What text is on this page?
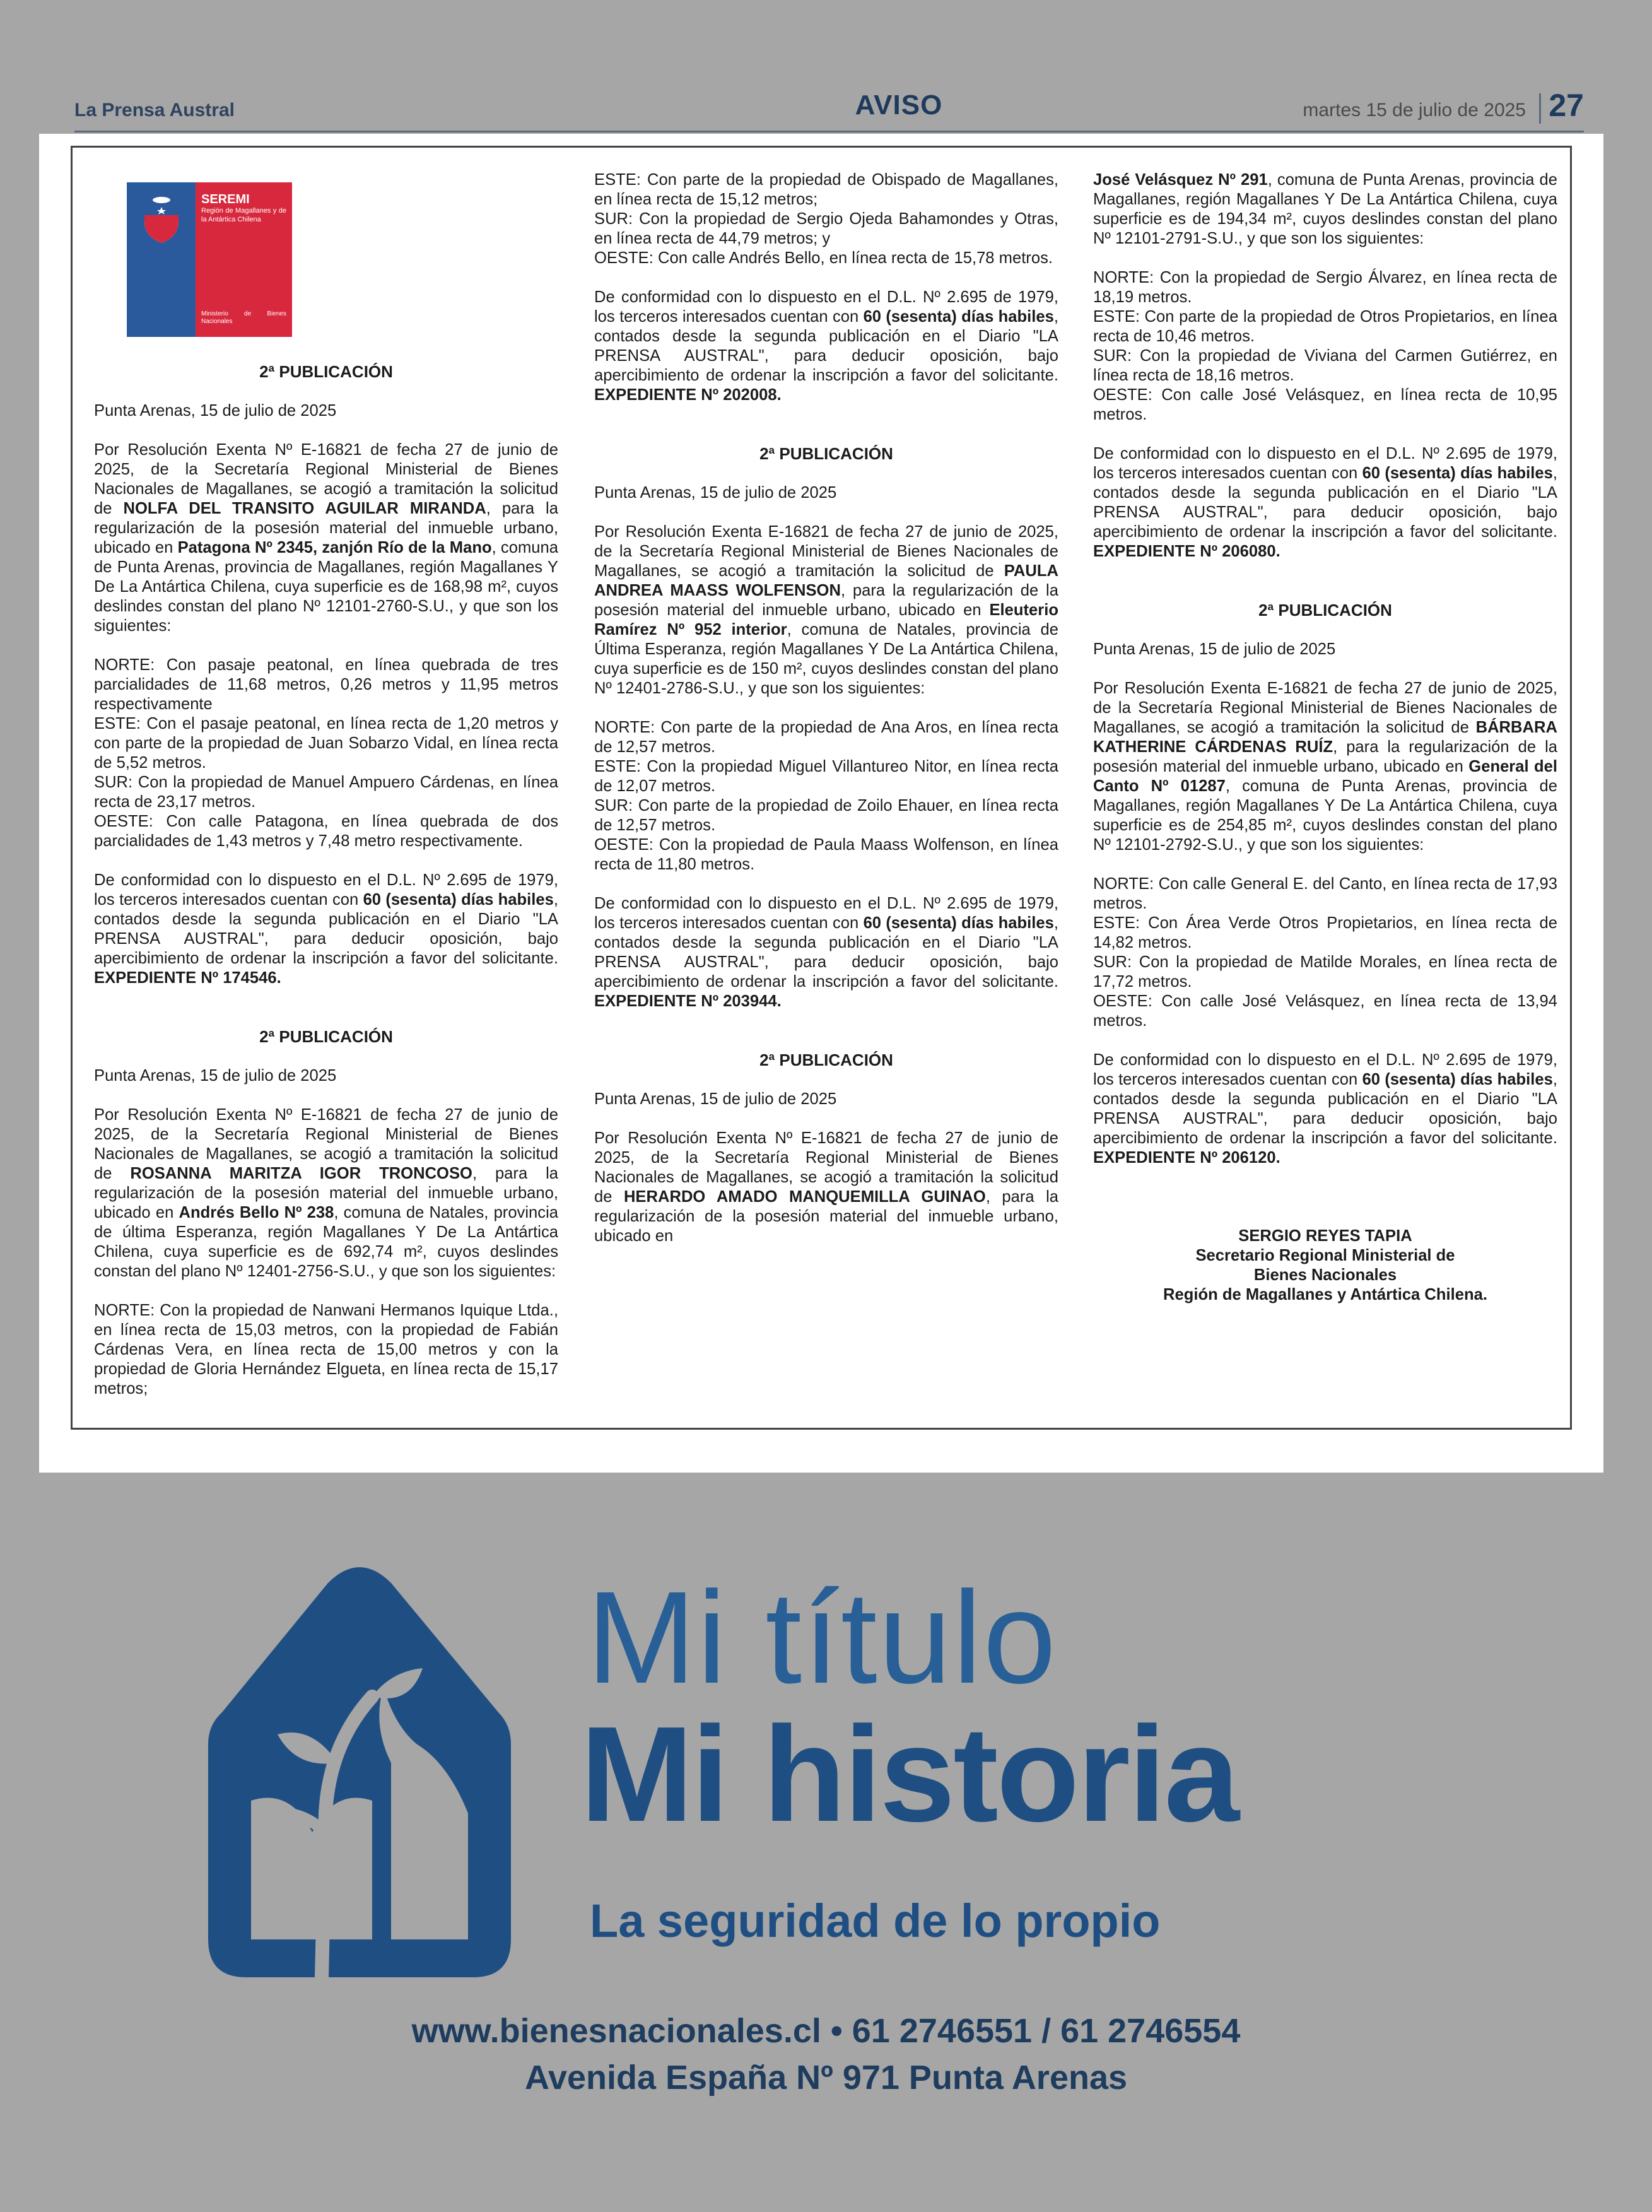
La Prensa Austral	AVISO	martes 15 de julio de 2025 27
SEREMI
Región de Magallanes y de la Antártica Chilena
Ministerio de Bienes Nacionales

2ª PUBLICACIÓN

Punta Arenas, 15 de julio de 2025

Por Resolución Exenta Nº E-16821 de fecha 27 de junio de 2025, de la Secretaría Regional Ministerial de Bienes Nacionales de Magallanes, se acogió a tramitación la solicitud de NOLFA DEL TRANSITO AGUILAR MIRANDA, para la regularización de la posesión material del inmueble urbano, ubicado en Patagona Nº 2345, zanjón Río de la Mano, comuna de Punta Arenas, provincia de Magallanes, región Magallanes Y De La Antártica Chilena, cuya superficie es de 168,98 m², cuyos deslindes constan del plano Nº 12101-2760-S.U., y que son los siguientes:

NORTE: Con pasaje peatonal, en línea quebrada de tres parcialidades de 11,68 metros, 0,26 metros y 11,95 metros respectivamente

ESTE: Con el pasaje peatonal, en línea recta de 1,20 metros y con parte de la propiedad de Juan Sobarzo Vidal, en línea recta de 5,52 metros.

SUR: Con la propiedad de Manuel Ampuero Cárdenas, en línea recta de 23,17 metros.

OESTE: Con calle Patagona, en línea quebrada de dos parcialidades de 1,43 metros y 7,48 metro respectivamente.

De conformidad con lo dispuesto en el D.L. Nº 2.695 de 1979, los terceros interesados cuentan con 60 (sesenta) días habiles, contados desde la segunda publicación en el Diario "LA PRENSA AUSTRAL", para deducir oposición, bajo apercibimiento de ordenar la inscripción a favor del solicitante. EXPEDIENTE Nº 174546.

2ª PUBLICACIÓN

Punta Arenas, 15 de julio de 2025

Por Resolución Exenta Nº E-16821 de fecha 27 de junio de 2025, de la Secretaría Regional Ministerial de Bienes Nacionales de Magallanes, se acogió a tramitación la solicitud de ROSANNA MARITZA IGOR TRONCOSO, para la regularización de la posesión material del inmueble urbano, ubicado en Andrés Bello Nº 238, comuna de Natales, provincia de última Esperanza, región Magallanes Y De La Antártica Chilena, cuya superficie es de 692,74 m², cuyos deslindes constan del plano Nº 12401-2756-S.U., y que son los siguientes:

NORTE: Con la propiedad de Nanwani Hermanos Iquique Ltda., en línea recta de 15,03 metros, con la propiedad de Fabián Cárdenas Vera, en línea recta de 15,00 metros y con la propiedad de Gloria Hernández Elgueta, en línea recta de 15,17 metros;

ESTE: Con parte de la propiedad de Obispado de Magallanes, en línea recta de 15,12 metros;

SUR: Con la propiedad de Sergio Ojeda Bahamondes y Otras, en línea recta de 44,79 metros; y

OESTE: Con calle Andrés Bello, en línea recta de 15,78 metros.

De conformidad con lo dispuesto en el D.L. Nº 2.695 de 1979, los terceros interesados cuentan con 60 (sesenta) días habiles, contados desde la segunda publicación en el Diario "LA PRENSA AUSTRAL", para deducir oposición, bajo apercibimiento de ordenar la inscripción a favor del solicitante. EXPEDIENTE Nº 202008.

2ª PUBLICACIÓN

Punta Arenas, 15 de julio de 2025

Por Resolución Exenta E-16821 de fecha 27 de junio de 2025, de la Secretaría Regional Ministerial de Bienes Nacionales de Magallanes, se acogió a tramitación la solicitud de PAULA ANDREA MAASS WOLFENSON, para la regularización de la posesión material del inmueble urbano, ubicado en Eleuterio Ramírez Nº 952 interior, comuna de Natales, provincia de Última Esperanza, región Magallanes Y De La Antártica Chilena, cuya superficie es de 150 m², cuyos deslindes constan del plano Nº 12401-2786-S.U., y que son los siguientes:

NORTE: Con parte de la propiedad de Ana Aros, en línea recta de 12,57 metros.

ESTE: Con la propiedad Miguel Villantureo Nitor, en línea recta de 12,07 metros.

SUR: Con parte de la propiedad de Zoilo Ehauer, en línea recta de 12,57 metros.

OESTE: Con la propiedad de Paula Maass Wolfenson, en línea recta de 11,80 metros.

De conformidad con lo dispuesto en el D.L. Nº 2.695 de 1979, los terceros interesados cuentan con 60 (sesenta) días habiles, contados desde la segunda publicación en el Diario "LA PRENSA AUSTRAL", para deducir oposición, bajo apercibimiento de ordenar la inscripción a favor del solicitante. EXPEDIENTE Nº 203944.

2ª PUBLICACIÓN

Punta Arenas, 15 de julio de 2025

Por Resolución Exenta Nº E-16821 de fecha 27 de junio de 2025, de la Secretaría Regional Ministerial de Bienes Nacionales de Magallanes, se acogió a tramitación la solicitud de HERARDO AMADO MANQUEMILLA GUINAO, para la regularización de la posesión material del inmueble urbano, ubicado en

José Velásquez Nº 291, comuna de Punta Arenas, provincia de Magallanes, región Magallanes Y De La Antártica Chilena, cuya superficie es de 194,34 m², cuyos deslindes constan del plano Nº 12101-2791-S.U., y que son los siguientes:

NORTE: Con la propiedad de Sergio Álvarez, en línea recta de 18,19 metros.

ESTE: Con parte de la propiedad de Otros Propietarios, en línea recta de 10,46 metros.

SUR: Con la propiedad de Viviana del Carmen Gutiérrez, en línea recta de 18,16 metros.

OESTE: Con calle José Velásquez, en línea recta de 10,95 metros.

De conformidad con lo dispuesto en el D.L. Nº 2.695 de 1979, los terceros interesados cuentan con 60 (sesenta) días habiles, contados desde la segunda publicación en el Diario "LA PRENSA AUSTRAL", para deducir oposición, bajo apercibimiento de ordenar la inscripción a favor del solicitante. EXPEDIENTE Nº 206080.

2ª PUBLICACIÓN

Punta Arenas, 15 de julio de 2025

Por Resolución Exenta E-16821 de fecha 27 de junio de 2025, de la Secretaría Regional Ministerial de Bienes Nacionales de Magallanes, se acogió a tramitación la solicitud de BÁRBARA KATHERINE CÁRDENAS RUÍZ, para la regularización de la posesión material del inmueble urbano, ubicado en General del Canto Nº 01287, comuna de Punta Arenas, provincia de Magallanes, región Magallanes Y De La Antártica Chilena, cuya superficie es de 254,85 m², cuyos deslindes constan del plano Nº 12101-2792-S.U., y que son los siguientes:

NORTE: Con calle General E. del Canto, en línea recta de 17,93 metros.

ESTE: Con Área Verde Otros Propietarios, en línea recta de 14,82 metros.

SUR: Con la propiedad de Matilde Morales, en línea recta de 17,72 metros.

OESTE: Con calle José Velásquez, en línea recta de 13,94 metros.

De conformidad con lo dispuesto en el D.L. Nº 2.695 de 1979, los terceros interesados cuentan con 60 (sesenta) días habiles, contados desde la segunda publicación en el Diario "LA PRENSA AUSTRAL", para deducir oposición, bajo apercibimiento de ordenar la inscripción a favor del solicitante. EXPEDIENTE Nº 206120.

SERGIO REYES TAPIA

Secretario Regional Ministerial de

Bienes Nacionales

Región de Magallanes y Antártica Chilena.

Mi título
Mi historia
La seguridad de lo propio
www.bienesnacionales.cl • 61 2746551 / 61 2746554
Avenida España Nº 971 Punta Arenas
